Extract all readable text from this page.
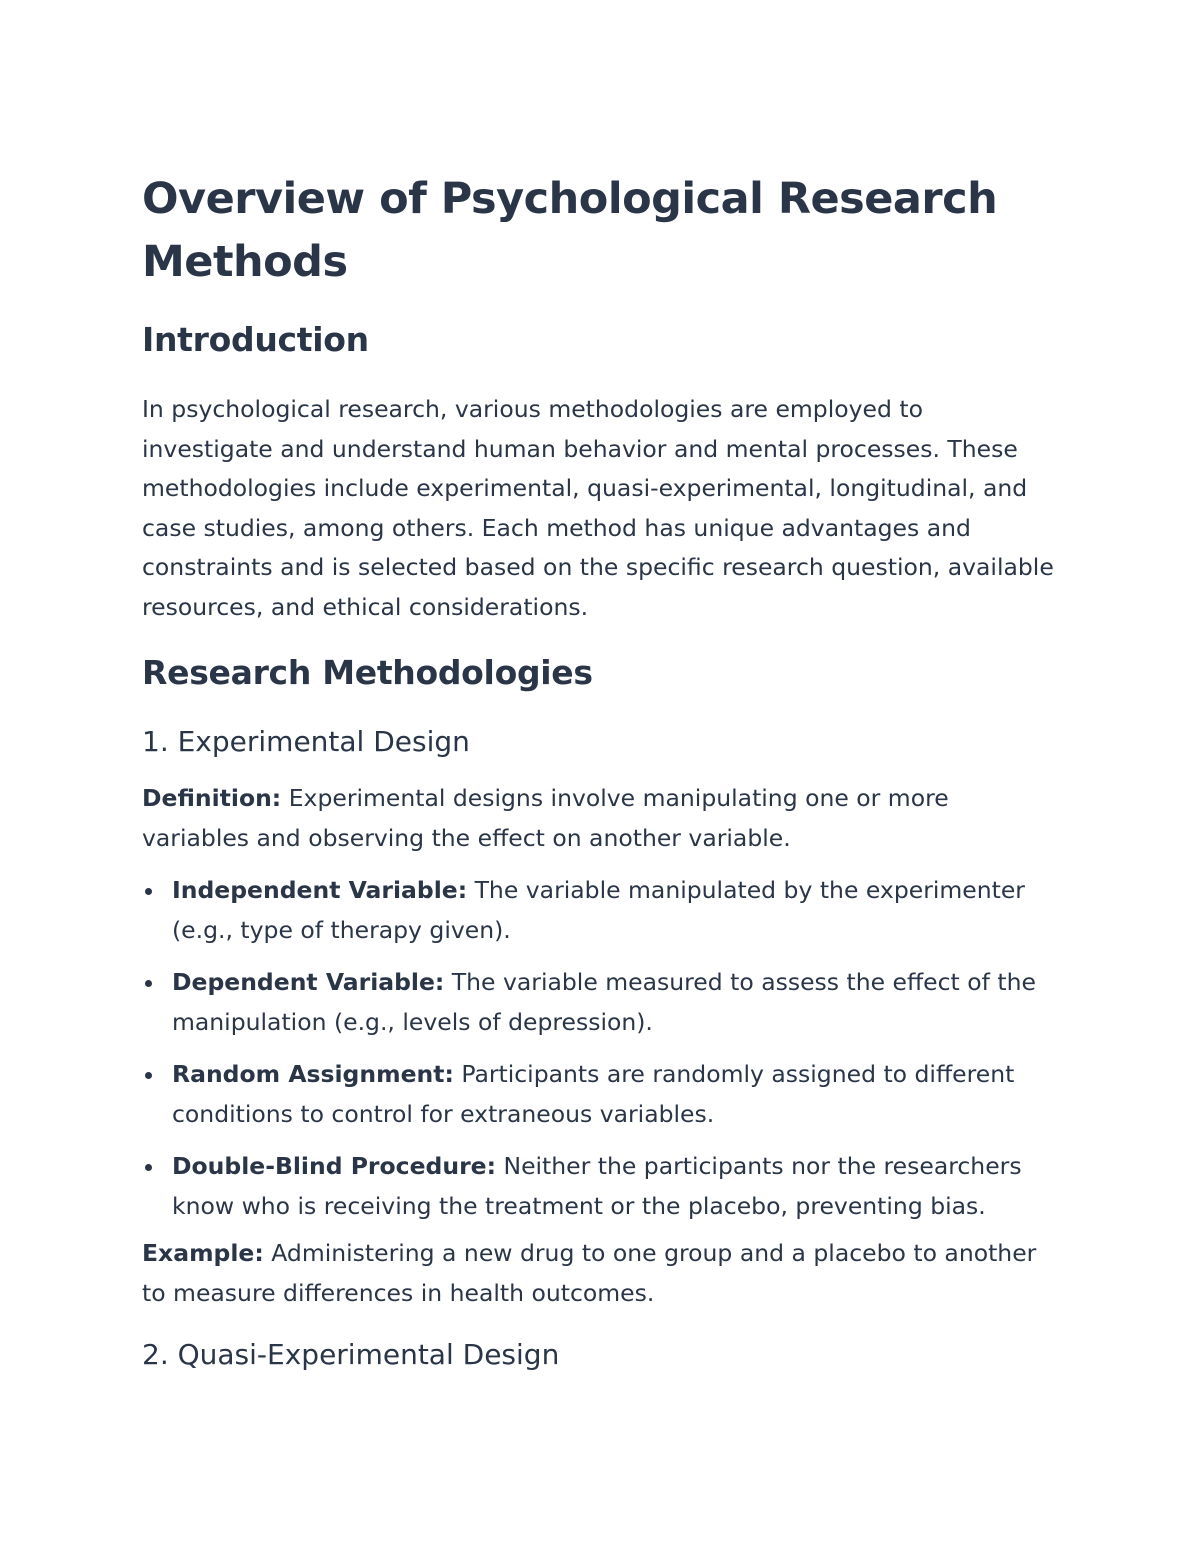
Overview of Psychological Research Methods
Introduction

In psychological research, various methodologies are employed to investigate and understand human behavior and mental processes. These methodologies include experimental, quasi-experimental, longitudinal, and case studies, among others. Each method has unique advantages and constraints and is selected based on the specific research question, available resources, and ethical considerations.

Research Methodologies
1. Experimental Design

Definition: Experimental designs involve manipulating one or more variables and observing the effect on another variable.

Independent Variable: The variable manipulated by the experimenter (e.g., type of therapy given).
Dependent Variable: The variable measured to assess the effect of the manipulation (e.g., levels of depression).
Random Assignment: Participants are randomly assigned to different conditions to control for extraneous variables.
Double-Blind Procedure: Neither the participants nor the researchers know who is receiving the treatment or the placebo, preventing bias.

Example: Administering a new drug to one group and a placebo to another to measure differences in health outcomes.

2. Quasi-Experimental Design
